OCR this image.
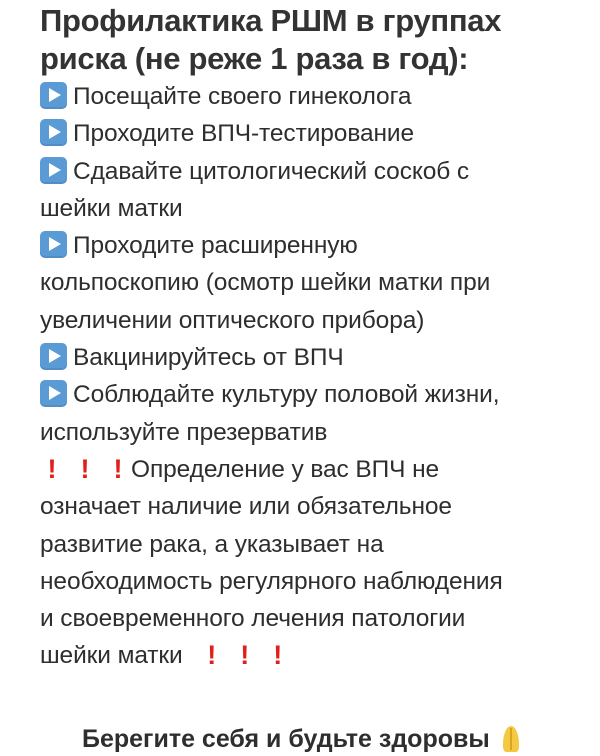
Профилактика РШМ в группах
риска (не реже 1 раза в год):
Посещайте своего гинеколога
Проходите ВПЧ-тестирование
Сдавайте цитологический соскоб с
шейки матки
Проходите расширенную
кольпоскопию (осмотр шейки матки при
увеличении оптического прибора)
Вакцинируйтесь от ВПЧ
Соблюдайте культуру половой жизни,
используйте презерватив
! ! ! Определение у вас ВПЧ не
означает наличие или обязательное
развитие рака, а указывает на
необходимость регулярного наблюдения
и своевременного лечения патологии
шейки матки ! ! !
Берегите себя и будьте здоровы
